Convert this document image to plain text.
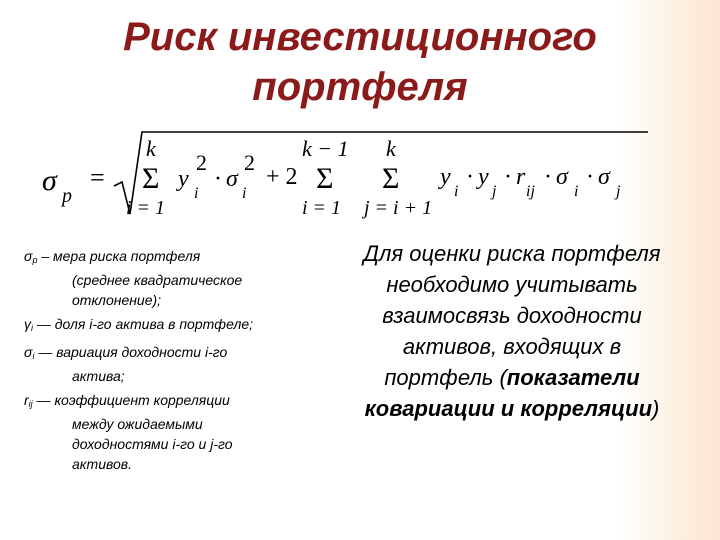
Риск инвестиционного
портфеля
σ p
=
k
Σ
i = 1
y
2
i
· σ
2
i
+ 2
k − 1
Σ
i = 1
k
Σ
j = i + 1
y
i
· y
j
· r
ij
· σ
i
· σ
j
$\sigma_p$ – мера риска портфеля
(среднее квадратическое
отклонение);
$\gamma_i$ — доля i-го актива в портфеле;
$\sigma_i$ — вариация доходности i-го
актива;
$r_{ij}$ — коэффициент корреляции
между ожидаемыми
доходностями i-го и j-го
активов.
Для оценки риска портфеля необходимо учитывать взаимосвязь доходности активов, входящих в портфель (показатели ковариации и корреляции)
